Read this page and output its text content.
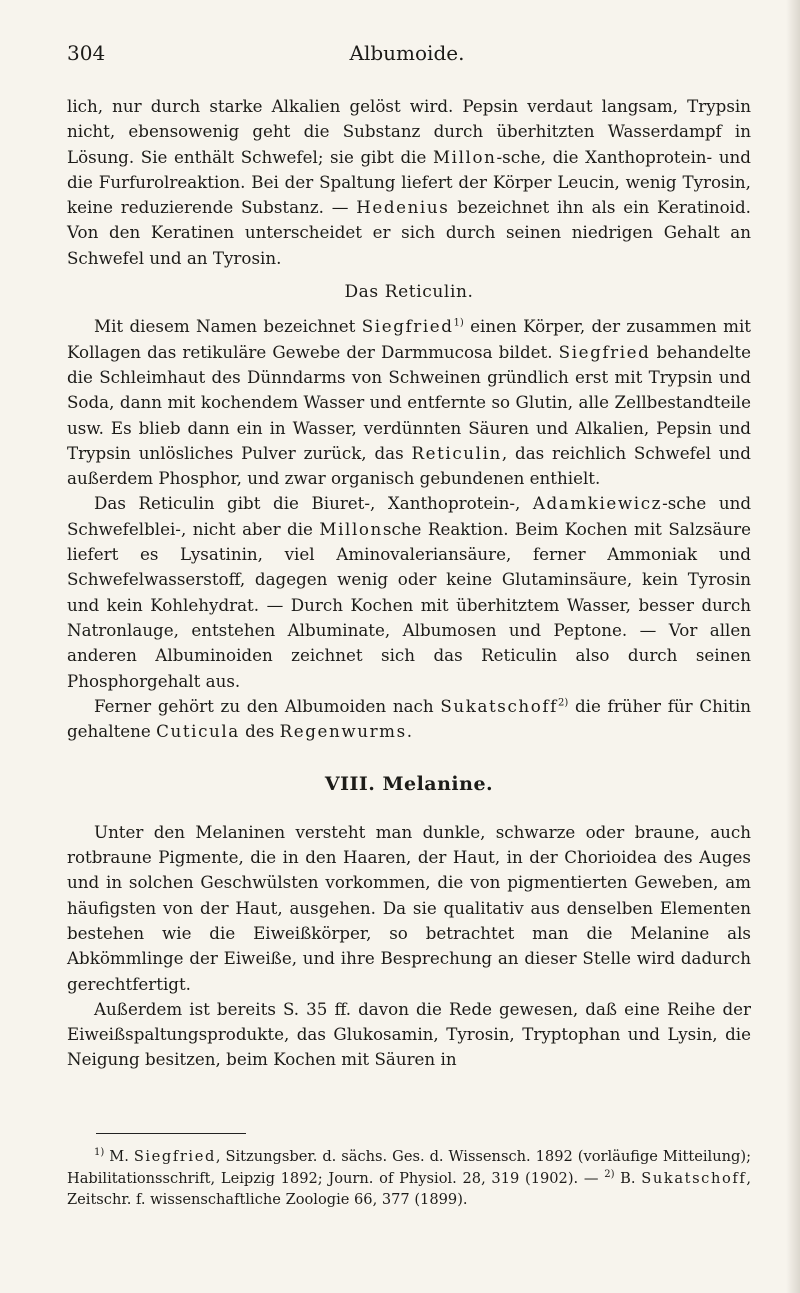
304	Albumoide.

lich, nur durch starke Alkalien gelöst wird. Pepsin verdaut langsam, Trypsin nicht, ebensowenig geht die Substanz durch überhitzten Wasserdampf in Lösung. Sie enthält Schwefel; sie gibt die Millon-sche, die Xanthoprotein- und die Furfurolreaktion. Bei der Spaltung liefert der Körper Leucin, wenig Tyrosin, keine reduzierende Substanz. — Hedenius bezeichnet ihn als ein Keratinoid. Von den Keratinen unterscheidet er sich durch seinen niedrigen Gehalt an Schwefel und an Tyrosin.

Das Reticulin.

Mit diesem Namen bezeichnet Siegfried$^{1)}$ einen Körper, der zusammen mit Kollagen das retikuläre Gewebe der Darmmucosa bildet. Siegfried behandelte die Schleimhaut des Dünndarms von Schweinen gründlich erst mit Trypsin und Soda, dann mit kochendem Wasser und entfernte so Glutin, alle Zellbestandteile usw. Es blieb dann ein in Wasser, verdünnten Säuren und Alkalien, Pepsin und Trypsin unlösliches Pulver zurück, das Reticulin, das reichlich Schwefel und außerdem Phosphor, und zwar organisch gebundenen enthielt.

Das Reticulin gibt die Biuret-, Xanthoprotein-, Adamkiewicz-sche und Schwefelblei-, nicht aber die Millonsche Reaktion. Beim Kochen mit Salzsäure liefert es Lysatinin, viel Aminovaleriansäure, ferner Ammoniak und Schwefelwasserstoff, dagegen wenig oder keine Glutaminsäure, kein Tyrosin und kein Kohlehydrat. — Durch Kochen mit überhitztem Wasser, besser durch Natronlauge, entstehen Albuminate, Albumosen und Peptone. — Vor allen anderen Albuminoiden zeichnet sich das Reticulin also durch seinen Phosphorgehalt aus.

Ferner gehört zu den Albumoiden nach Sukatschoff$^{2)}$ die früher für Chitin gehaltene Cuticula des Regenwurms.

VIII. Melanine.

Unter den Melaninen versteht man dunkle, schwarze oder braune, auch rotbraune Pigmente, die in den Haaren, der Haut, in der Chorioidea des Auges und in solchen Geschwülsten vorkommen, die von pigmentierten Geweben, am häufigsten von der Haut, ausgehen. Da sie qualitativ aus denselben Elementen bestehen wie die Eiweißkörper, so betrachtet man die Melanine als Abkömmlinge der Eiweiße, und ihre Besprechung an dieser Stelle wird dadurch gerechtfertigt.

Außerdem ist bereits S. 35 ff. davon die Rede gewesen, daß eine Reihe der Eiweißspaltungsprodukte, das Glukosamin, Tyrosin, Tryptophan und Lysin, die Neigung besitzen, beim Kochen mit Säuren in

$^{1)}$ M. Siegfried, Sitzungsber. d. sächs. Ges. d. Wissensch. 1892 (vorläufige Mitteilung); Habilitationsschrift, Leipzig 1892; Journ. of Physiol. 28, 319 (1902). — $^{2)}$ B. Sukatschoff, Zeitschr. f. wissenschaftliche Zoologie 66, 377 (1899).
